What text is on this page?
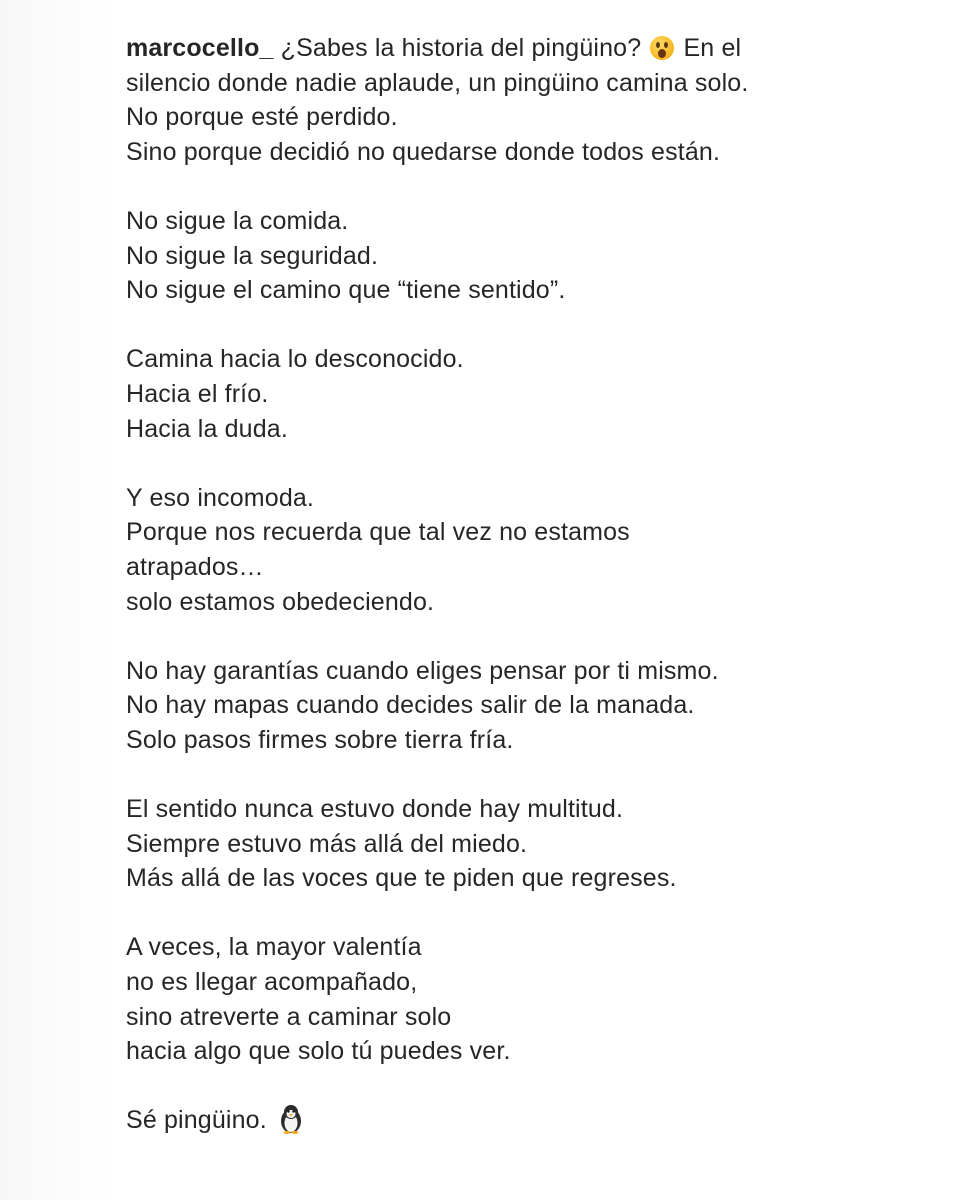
marcocello_ ¿Sabes la historia del pingüino? En el
silencio donde nadie aplaude, un pingüino camina solo.
No porque esté perdido.
Sino porque decidió no quedarse donde todos están.
No sigue la comida.
No sigue la seguridad.
No sigue el camino que “tiene sentido”.
Camina hacia lo desconocido.
Hacia el frío.
Hacia la duda.
Y eso incomoda.
Porque nos recuerda que tal vez no estamos
atrapados…
solo estamos obedeciendo.
No hay garantías cuando eliges pensar por ti mismo.
No hay mapas cuando decides salir de la manada.
Solo pasos firmes sobre tierra fría.
El sentido nunca estuvo donde hay multitud.
Siempre estuvo más allá del miedo.
Más allá de las voces que te piden que regreses.
A veces, la mayor valentía
no es llegar acompañado,
sino atreverte a caminar solo
hacia algo que solo tú puedes ver.
Sé pingüino.
